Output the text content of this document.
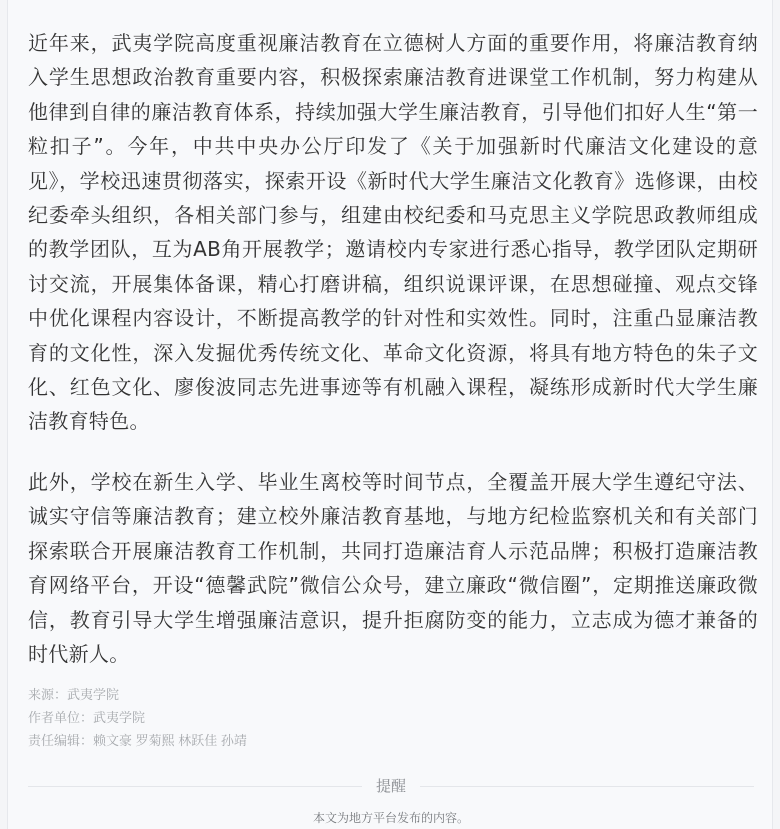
近年来，武夷学院高度重视廉洁教育在立德树人方面的重要作用，将廉洁教育纳入学生思想政治教育重要内容，积极探索廉洁教育进课堂工作机制，努力构建从他律到自律的廉洁教育体系，持续加强大学生廉洁教育，引导他们扣好人生“第一粒扣子”。今年，中共中央办公厅印发了《关于加强新时代廉洁文化建设的意见》，学校迅速贯彻落实，探索开设《新时代大学生廉洁文化教育》选修课，由校纪委牵头组织，各相关部门参与，组建由校纪委和马克思主义学院思政教师组成的教学团队，互为AB角开展教学；邀请校内专家进行悉心指导，教学团队定期研讨交流，开展集体备课，精心打磨讲稿，组织说课评课，在思想碰撞、观点交锋中优化课程内容设计，不断提高教学的针对性和实效性。同时，注重凸显廉洁教育的文化性，深入发掘优秀传统文化、革命文化资源，将具有地方特色的朱子文化、红色文化、廖俊波同志先进事迹等有机融入课程，凝练形成新时代大学生廉洁教育特色。

此外，学校在新生入学、毕业生离校等时间节点，全覆盖开展大学生遵纪守法、诚实守信等廉洁教育；建立校外廉洁教育基地，与地方纪检监察机关和有关部门探索联合开展廉洁教育工作机制，共同打造廉洁育人示范品牌；积极打造廉洁教育网络平台，开设“德馨武院”微信公众号，建立廉政“微信圈”，定期推送廉政微信，教育引导大学生增强廉洁意识，提升拒腐防变的能力，立志成为德才兼备的时代新人。

来源：武夷学院
作者单位：武夷学院
责任编辑：赖文豪 罗菊熙 林跃佳 孙靖
提醒
本文为地方平台发布的内容。
